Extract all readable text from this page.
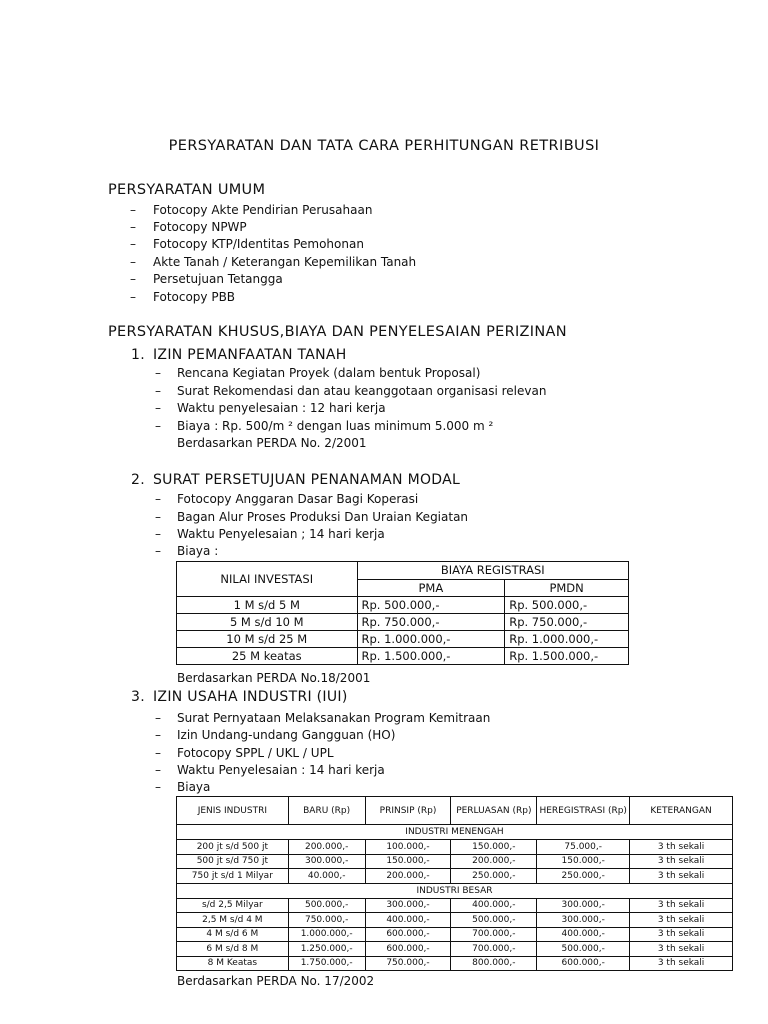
PERSYARATAN DAN TATA CARA PERHITUNGAN RETRIBUSI
PERSYARATAN UMUM
– Fotocopy Akte Pendirian Perusahaan
– Fotocopy NPWP
– Fotocopy KTP/Identitas Pemohonan
– Akte Tanah / Keterangan Kepemilikan Tanah
– Persetujuan Tetangga
– Fotocopy PBB
PERSYARATAN KHUSUS,BIAYA DAN PENYELESAIAN PERIZINAN
1. IZIN PEMANFAATAN TANAH
– Rencana Kegiatan Proyek (dalam bentuk Proposal)
– Surat Rekomendasi dan atau keanggotaan organisasi relevan
– Waktu penyelesaian : 12 hari kerja
– Biaya : Rp. 500/m ² dengan luas minimum 5.000 m ²
Berdasarkan PERDA No. 2/2001
2. SURAT PERSETUJUAN PENANAMAN MODAL
– Fotocopy Anggaran Dasar Bagi Koperasi
– Bagan Alur Proses Produksi Dan Uraian Kegiatan
– Waktu Penyelesaian ; 14 hari kerja
– Biaya :
NILAI INVESTASI	BIAYA REGISTRASI	
	PMA	PMDN
1 M s/d 5 M	Rp. 500.000,-	Rp. 500.000,-
5 M s/d 10 M	Rp. 750.000,-	Rp. 750.000,-
10 M s/d 25 M	Rp. 1.000.000,-	Rp. 1.000.000,-
25 M keatas	Rp. 1.500.000,-	Rp. 1.500.000,-
Berdasarkan PERDA No.18/2001
3. IZIN USAHA INDUSTRI (IUI)
– Surat Pernyataan Melaksanakan Program Kemitraan
– Izin Undang-undang Gangguan (HO)
– Fotocopy SPPL / UKL / UPL
– Waktu Penyelesaian : 14 hari kerja
– Biaya
JENIS INDUSTRI	BARU (Rp)	PRINSIP (Rp)	PERLUASAN (Rp)	HEREGISTRASI (Rp)	KETERANGAN
INDUSTRI MENENGAH					
200 jt s/d 500 jt	200.000,-	100.000,-	150.000,-	75.000,-	3 th sekali
500 jt s/d 750 jt	300.000,-	150.000,-	200.000,-	150.000,-	3 th sekali
750 jt s/d 1 Milyar	40.000,-	200.000,-	250.000,-	250.000,-	3 th sekali
INDUSTRI BESAR					
s/d 2,5 Milyar	500.000,-	300.000,-	400.000,-	300.000,-	3 th sekali
2,5 M s/d 4 M	750.000,-	400.000,-	500.000,-	300.000,-	3 th sekali
4 M s/d 6 M	1.000.000,-	600.000,-	700.000,-	400.000,-	3 th sekali
6 M s/d 8 M	1.250.000,-	600.000,-	700.000,-	500.000,-	3 th sekali
8 M Keatas	1.750.000,-	750.000,-	800.000,-	600.000,-	3 th sekali
Berdasarkan PERDA No. 17/2002
